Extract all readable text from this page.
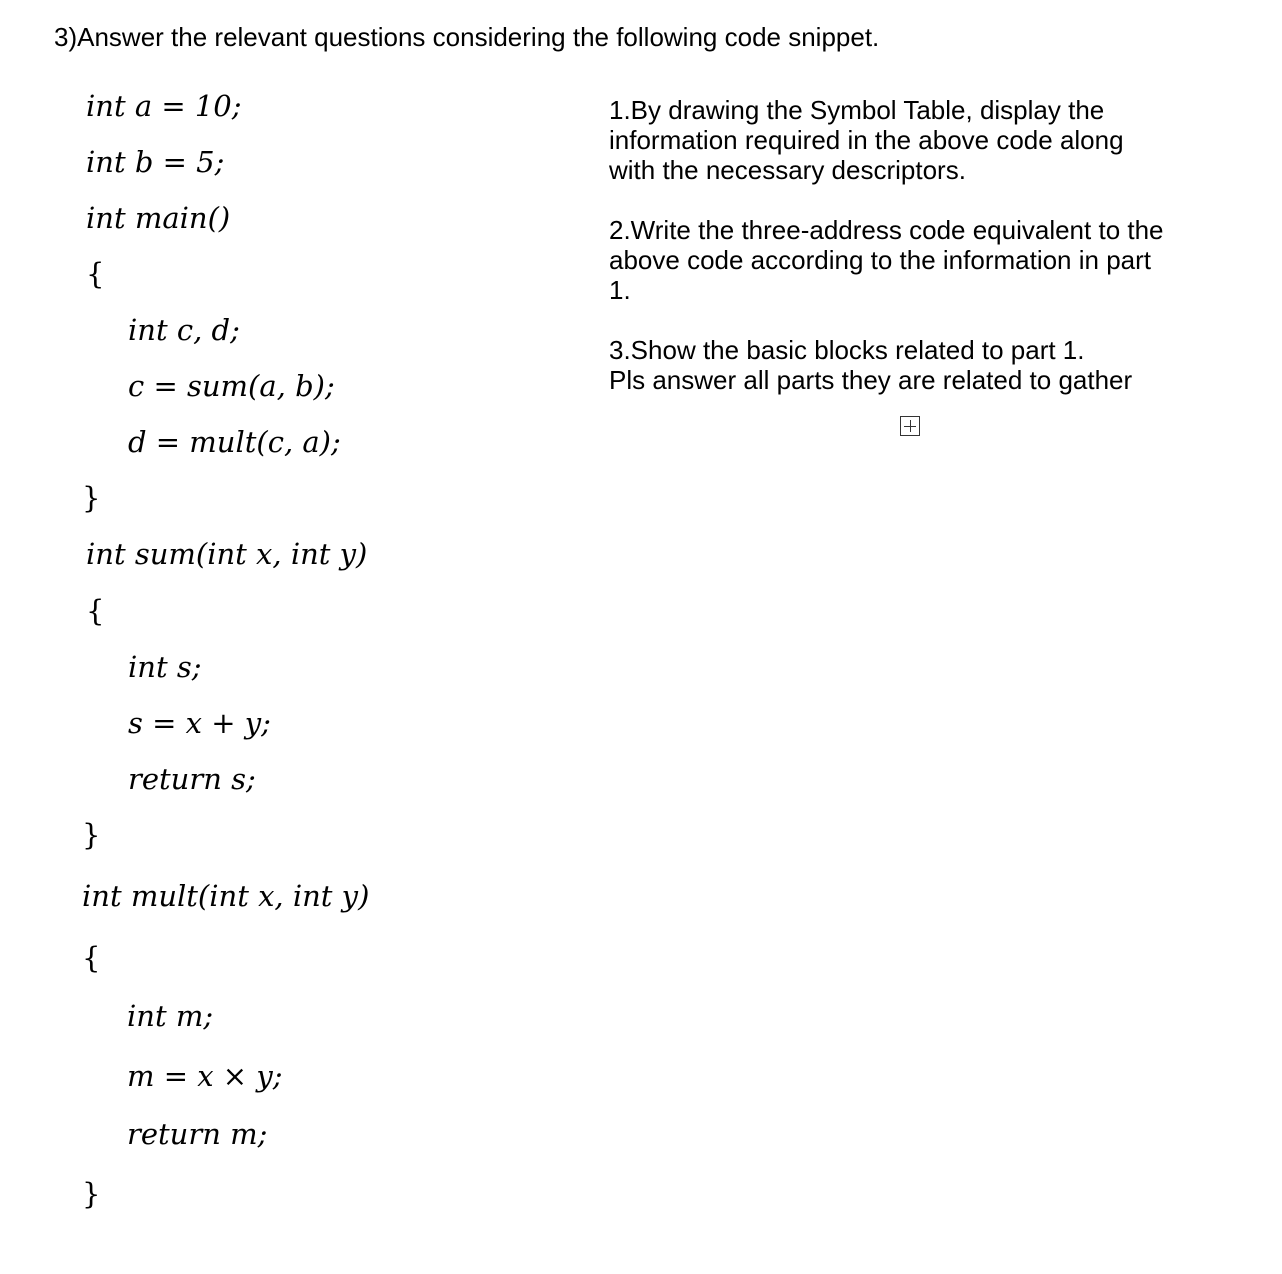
3)Answer the relevant questions considering the following code snippet.
int a = 10;
int b = 5;
int main()
{
int c, d;
c = sum(a, b);
d = mult(c, a);
}
int sum(int x, int y)
{
int s;
s = x + y;
return s;
}
int mult(int x, int y)
{
int m;
m = x × y;
return m;
}
1.By drawing the Symbol Table, display the
information required in the above code along
with the necessary descriptors.
2.Write the three-address code equivalent to the
above code according to the information in part
1.
3.Show the basic blocks related to part 1.
Pls answer all parts they are related to gather
